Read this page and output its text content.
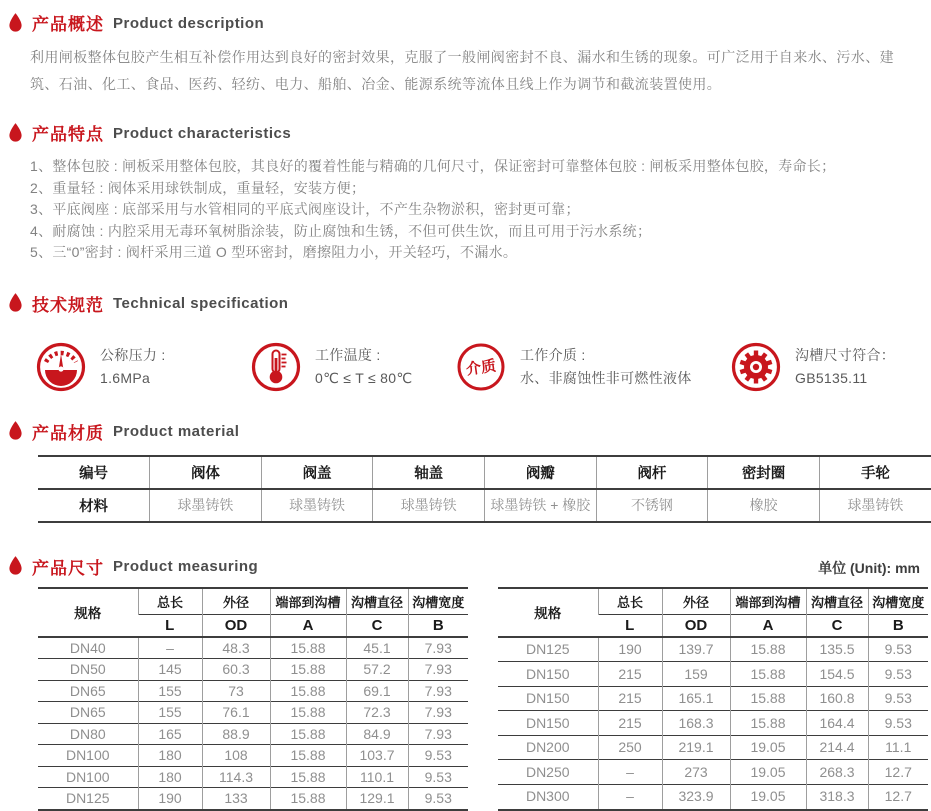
产品概述 Product description
利用闸板整体包胶产生相互补偿作用达到良好的密封效果，克服了一般闸阀密封不良、漏水和生锈的现象。可广泛用于自来水、污水、建筑、石油、化工、食品、医药、轻纺、电力、船舶、冶金、能源系统等流体且线上作为调节和截流装置使用。
产品特点 Product characteristics
1、整体包胶 : 闸板采用整体包胶，其良好的覆着性能与精确的几何尺寸，保证密封可靠整体包胶 : 闸板采用整体包胶，寿命长；
2、重量轻 : 阀体采用球铁制成，重量轻，安装方便；
3、平底阀座 : 底部采用与水管相同的平底式阀座设计，不产生杂物淤积，密封更可靠；
4、耐腐蚀 : 内腔采用无毒环氧树脂涂装，防止腐蚀和生锈，不但可供生饮，而且可用于污水系统；
5、三“0”密封 : 阀杆采用三道 O 型环密封，磨擦阻力小，开关轻巧，不漏水。
技术规范 Technical specification
公称压力 :
1.6MPa
工作温度 :
0℃ ≤ T ≤ 80℃	介质
工作介质 :
水、非腐蚀性非可燃性液体
沟槽尺寸符合：
GB5135.11
产品材质 Product material
编号	阀体	阀盖	轴盖	阀瓣	阀杆	密封圈	手轮
材料	球墨铸铁	球墨铸铁	球墨铸铁	球墨铸铁 + 橡胶	不锈钢	橡胶	球墨铸铁
产品尺寸 Product measuring	单位 (Unit): mm
规格	总长	外径	端部到沟槽	沟槽直径	沟槽宽度
	L	OD	A	C	B
DN40	–	48.3	15.88	45.1	7.93
DN50	145	60.3	15.88	57.2	7.93
DN65	155	73	15.88	69.1	7.93
DN65	155	76.1	15.88	72.3	7.93
DN80	165	88.9	15.88	84.9	7.93
DN100	180	108	15.88	103.7	9.53
DN100	180	114.3	15.88	110.1	9.53
DN125	190	133	15.88	129.1	9.53
规格	总长	外径	端部到沟槽	沟槽直径	沟槽宽度
	L	OD	A	C	B
DN125	190	139.7	15.88	135.5	9.53
DN150	215	159	15.88	154.5	9.53
DN150	215	165.1	15.88	160.8	9.53
DN150	215	168.3	15.88	164.4	9.53
DN200	250	219.1	19.05	214.4	11.1
DN250	–	273	19.05	268.3	12.7
DN300	–	323.9	19.05	318.3	12.7
